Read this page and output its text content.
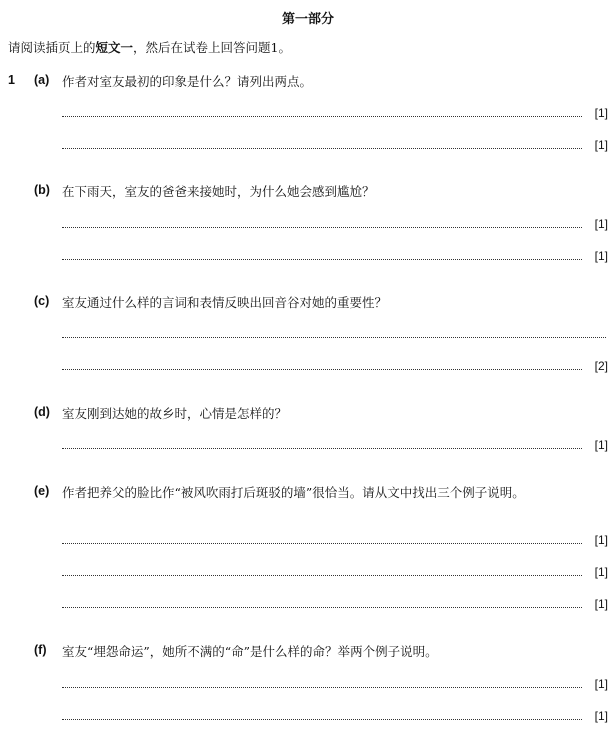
第一部分
请阅读插页上的短文一，然后在试卷上回答问题1。
1 (a) 作者对室友最初的印象是什么？请列出两点。
[1]
[1]
(b) 在下雨天，室友的爸爸来接她时，为什么她会感到尴尬？
[1]
[1]
(c) 室友通过什么样的言词和表情反映出回音谷对她的重要性？
[2]
(d) 室友刚到达她的故乡时，心情是怎样的？
[1]
(e) 作者把养父的脸比作“被风吹雨打后斑驳的墙”很恰当。请从文中找出三个例子说明。
[1]
[1]
[1]
(f) 室友“埋怨命运”，她所不满的“命”是什么样的命？举两个例子说明。
[1]
[1]
